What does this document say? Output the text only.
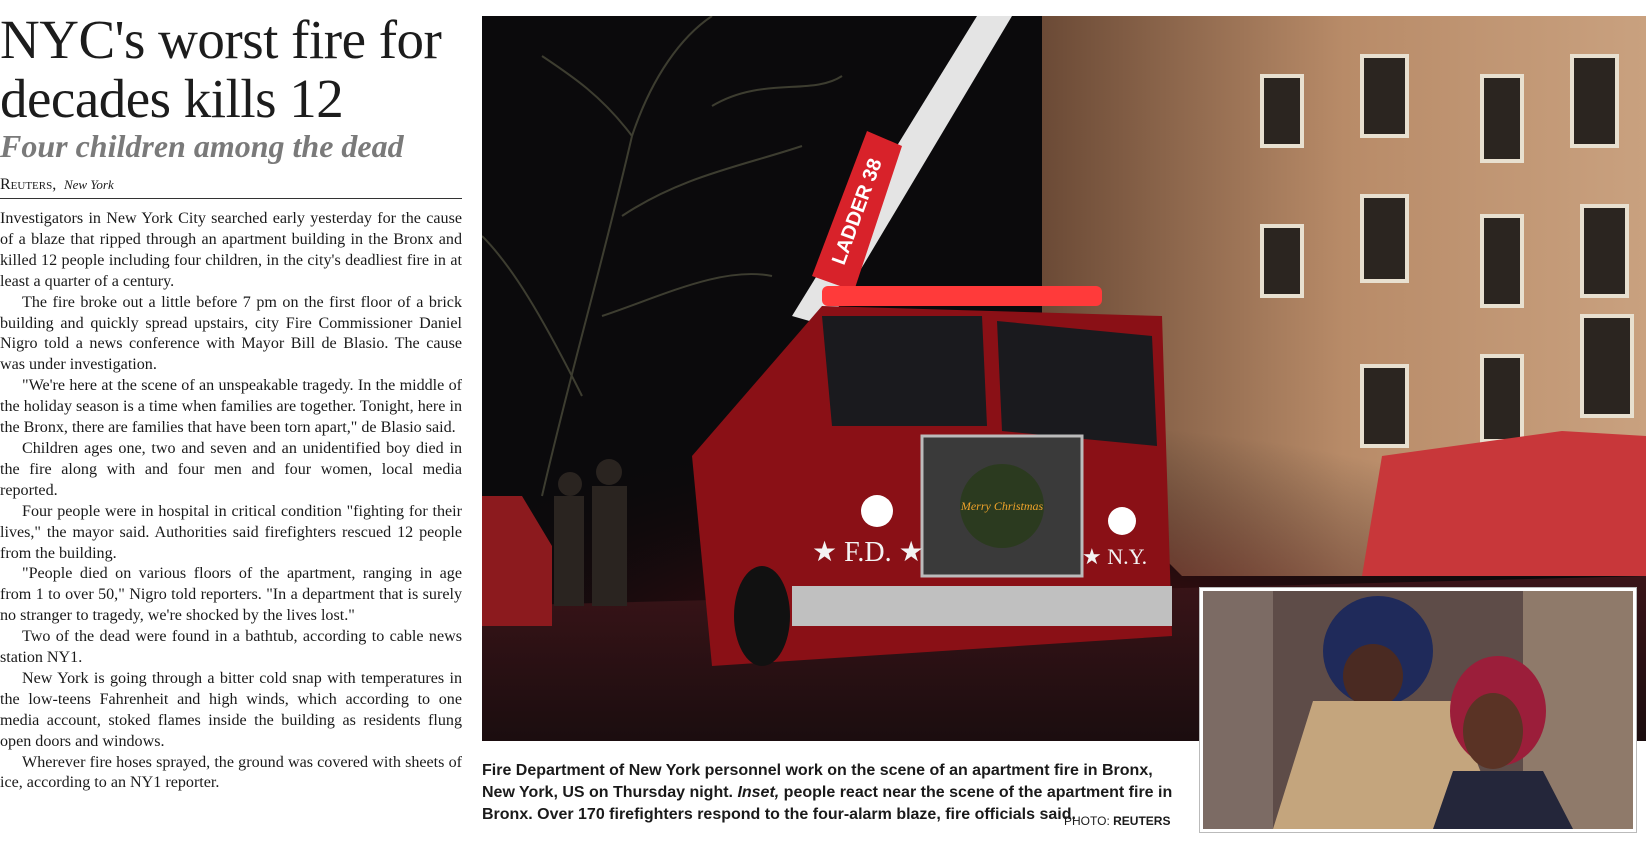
NYC's worst fire for decades kills 12
Four children among the dead
Reuters, New York

Investigators in New York City searched early yesterday for the cause of a blaze that ripped through an apartment building in the Bronx and killed 12 people including four children, in the city's deadliest fire in at least a quarter of a century.

The fire broke out a little before 7 pm on the first floor of a brick building and quickly spread upstairs, city Fire Commissioner Daniel Nigro told a news conference with Mayor Bill de Blasio. The cause was under investigation.

"We're here at the scene of an unspeakable tragedy. In the middle of the holiday season is a time when families are together. Tonight, here in the Bronx, there are families that have been torn apart," de Blasio said.

Children ages one, two and seven and an unidentified boy died in the fire along with and four men and four women, local media reported.

Four people were in hospital in critical condition "fighting for their lives," the mayor said. Authorities said firefighters rescued 12 people from the building.

"People died on various floors of the apartment, ranging in age from 1 to over 50," Nigro told reporters. "In a department that is surely no stranger to tragedy, we're shocked by the lives lost."

Two of the dead were found in a bathtub, according to cable news station NY1.

New York is going through a bitter cold snap with temperatures in the low-teens Fahrenheit and high winds, which according to one media account, stoked flames inside the building as residents flung open doors and windows.

Wherever fire hoses sprayed, the ground was covered with sheets of ice, according to an NY1 reporter.

LADDER 38
Merry Christmas
★ F.D. ★	★ N.Y.
Fire Department of New York personnel work on the scene of an apartment fire in Bronx, New York, US on Thursday night. Inset, people react near the scene of the apartment fire in Bronx. Over 170 firefighters respond to the four-alarm blaze, fire officials said.
PHOTO: REUTERS
